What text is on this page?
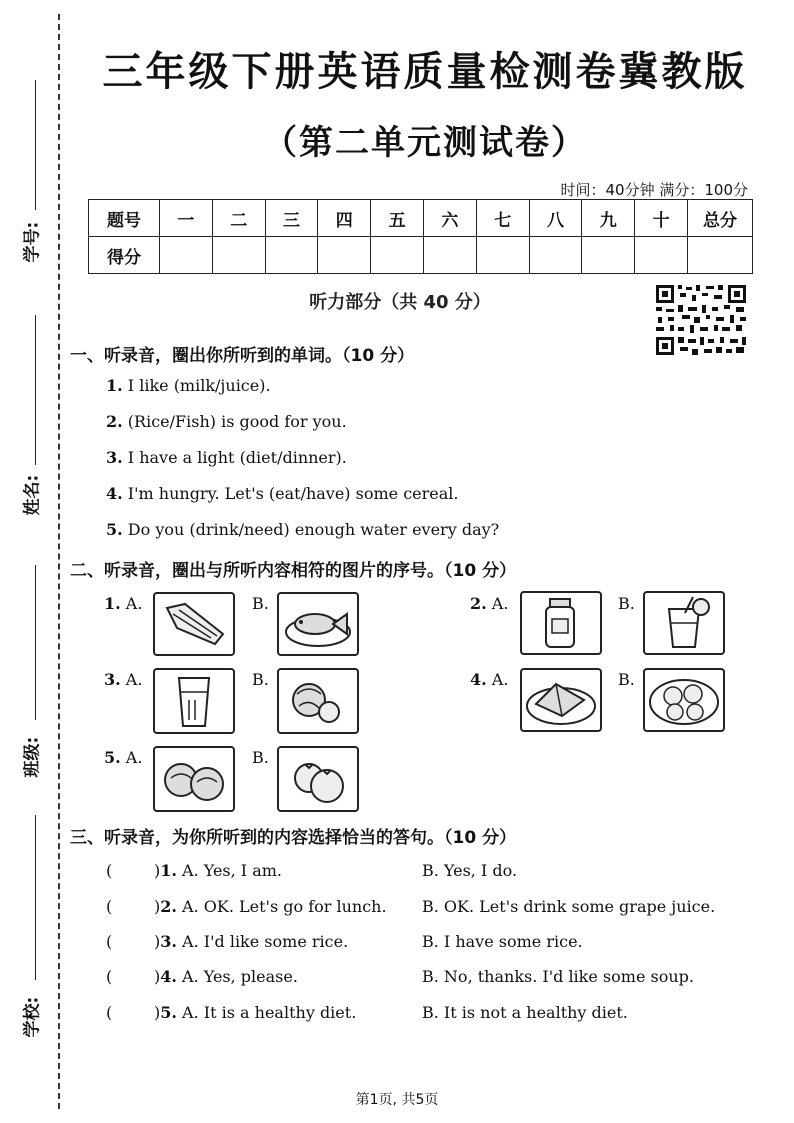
学号:
姓名:
班级:
学校:
三年级下册英语质量检测卷冀教版
（第二单元测试卷）
时间：40分钟 满分：100分
题号	一	二	三	四	五	六	七	八	九	十	总分
得分											
听力部分（共 40 分）
一、听录音，圈出你所听到的单词。（10 分）
1. I like (milk/juice).
2. (Rice/Fish) is good for you.
3. I have a light (diet/dinner).
4. I'm hungry. Let's (eat/have) some cereal.
5. Do you (drink/need) enough water every day?
二、听录音，圈出与所听内容相符的图片的序号。（10 分）
1. A.	B.	2. A.	B.
3. A.	B.	4. A.	B.
5. A.	B.
三、听录音，为你所听到的内容选择恰当的答句。（10 分）
(	)1. A. Yes, I am.	B. Yes, I do.
(	)2. A. OK. Let's go for lunch. B. OK. Let's drink some grape juice.
(	)3. A. I'd like some rice.	B. I have some rice.
(	)4. A. Yes, please.	B. No, thanks. I'd like some soup.
(	)5. A. It is a healthy diet.	B. It is not a healthy diet.
第1页, 共5页
